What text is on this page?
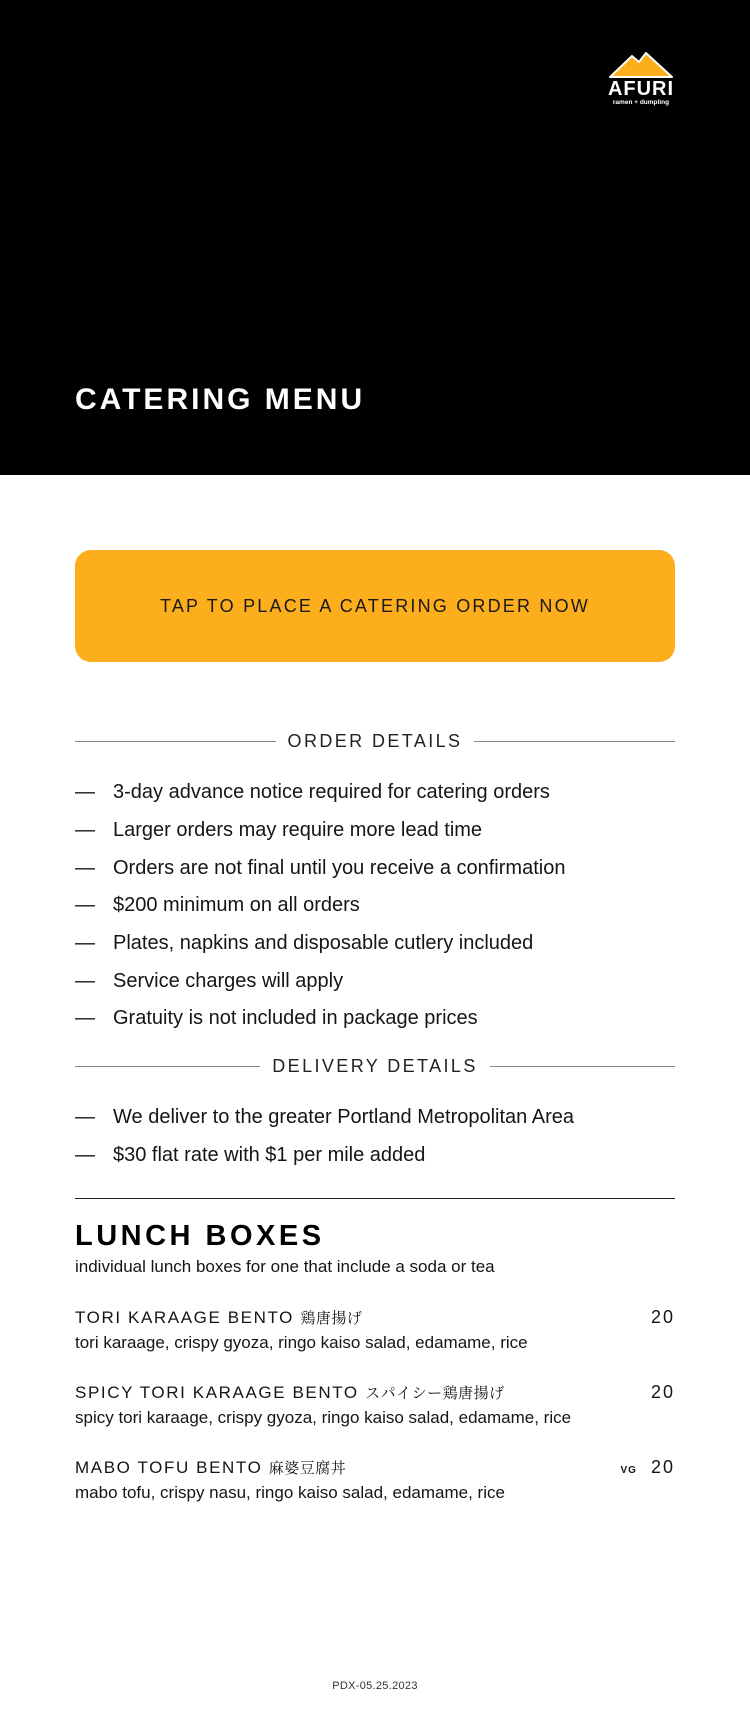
AFURI
ramen + dumpling
CATERING MENU
TAP TO PLACE A CATERING ORDER NOW
ORDER DETAILS
— 3-day advance notice required for catering orders
— Larger orders may require more lead time
— Orders are not final until you receive a confirmation
— $200 minimum on all orders
— Plates, napkins and disposable cutlery included
— Service charges will apply
— Gratuity is not included in package prices
DELIVERY DETAILS
— We deliver to the greater Portland Metropolitan Area
— $30 flat rate with $1 per mile added
LUNCH BOXES
individual lunch boxes for one that include a soda or tea
TORI KARAAGE BENTO 鶏唐揚げ	20
tori karaage, crispy gyoza, ringo kaiso salad, edamame, rice
SPICY TORI KARAAGE BENTO スパイシー鶏唐揚げ	20
spicy tori karaage, crispy gyoza, ringo kaiso salad, edamame, rice
MABO TOFU BENTO 麻婆豆腐丼	VG 20
mabo tofu, crispy nasu, ringo kaiso salad, edamame, rice
PDX-05.25.2023
